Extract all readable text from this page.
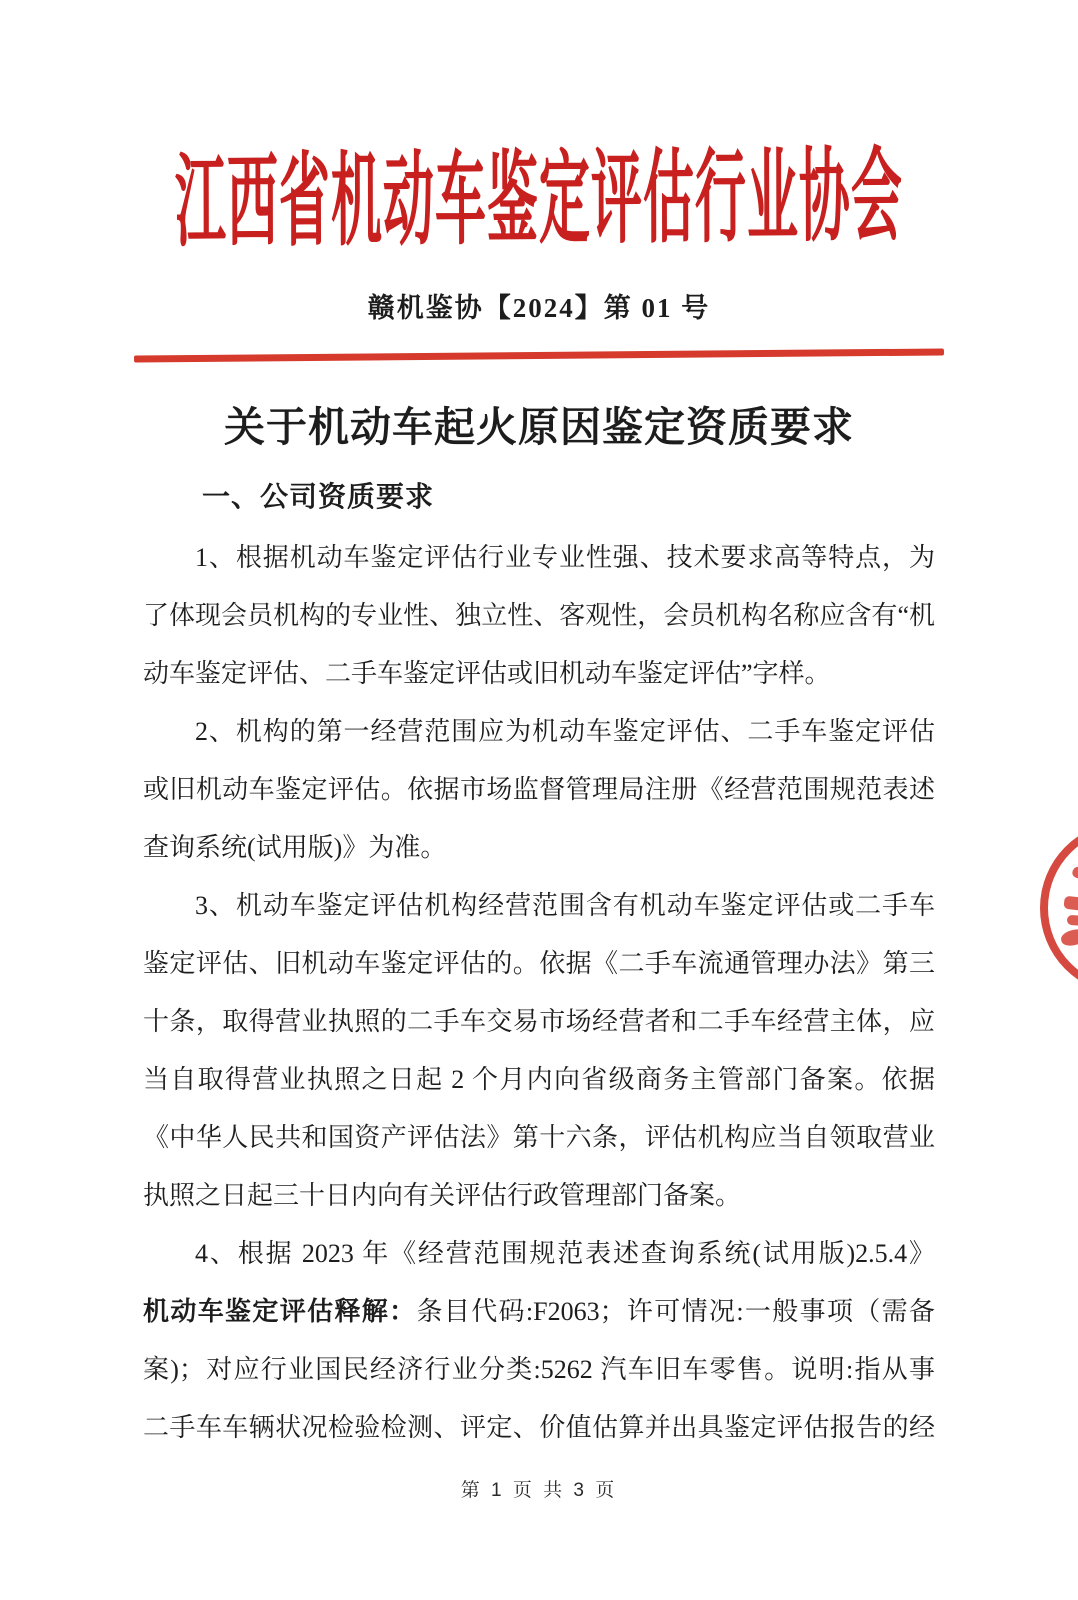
江西省机动车鉴定评估行业协会
赣机鉴协【2024】第 01 号
关于机动车起火原因鉴定资质要求
一、公司资质要求
1、根据机动车鉴定评估行业专业性强、技术要求高等特点，为
了体现会员机构的专业性、独立性、客观性，会员机构名称应含有“机
动车鉴定评估、二手车鉴定评估或旧机动车鉴定评估”字样。
2、机构的第一经营范围应为机动车鉴定评估、二手车鉴定评估
或旧机动车鉴定评估。依据市场监督管理局注册《经营范围规范表述
查询系统(试用版)》为准。
3、机动车鉴定评估机构经营范围含有机动车鉴定评估或二手车
鉴定评估、旧机动车鉴定评估的。依据《二手车流通管理办法》第三
十条，取得营业执照的二手车交易市场经营者和二手车经营主体，应
当自取得营业执照之日起 2 个月内向省级商务主管部门备案。依据
《中华人民共和国资产评估法》第十六条，评估机构应当自领取营业
执照之日起三十日内向有关评估行政管理部门备案。
4、根据 2023 年《经营范围规范表述查询系统(试用版)2.5.4》
机动车鉴定评估释解：条目代码:F2063；许可情况:一般事项（需备
案)；对应行业国民经济行业分类:5262 汽车旧车零售。说明:指从事
二手车车辆状况检验检测、评定、价值估算并出具鉴定评估报告的经
第 1 页 共 3 页
